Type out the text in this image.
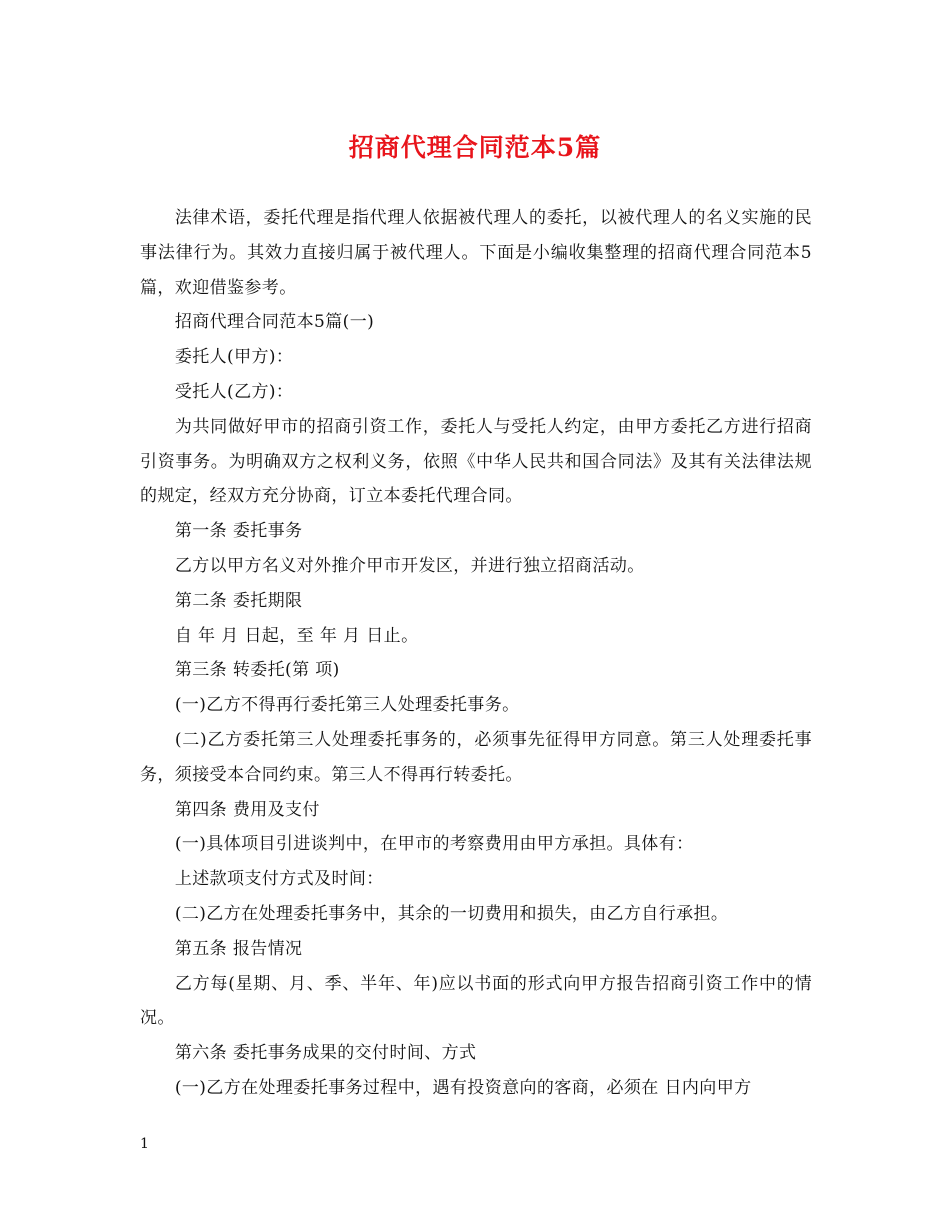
招商代理合同范本5篇

法律术语，委托代理是指代理人依据被代理人的委托，以被代理人的名义实施的民事法律行为。其效力直接归属于被代理人。下面是小编收集整理的招商代理合同范本5篇，欢迎借鉴参考。

招商代理合同范本5篇(一)

委托人(甲方)：

受托人(乙方)：

为共同做好甲市的招商引资工作，委托人与受托人约定，由甲方委托乙方进行招商引资事务。为明确双方之权利义务，依照《中华人民共和国合同法》及其有关法律法规的规定，经双方充分协商，订立本委托代理合同。

第一条 委托事务

乙方以甲方名义对外推介甲市开发区，并进行独立招商活动。

第二条 委托期限

自 年 月 日起，至 年 月 日止。

第三条 转委托(第 项)

(一)乙方不得再行委托第三人处理委托事务。

(二)乙方委托第三人处理委托事务的，必须事先征得甲方同意。第三人处理委托事务，须接受本合同约束。第三人不得再行转委托。

第四条 费用及支付

(一)具体项目引进谈判中，在甲市的考察费用由甲方承担。具体有：

上述款项支付方式及时间：

(二)乙方在处理委托事务中，其余的一切费用和损失，由乙方自行承担。

第五条 报告情况

乙方每(星期、月、季、半年、年)应以书面的形式向甲方报告招商引资工作中的情况。

第六条 委托事务成果的交付时间、方式

(一)乙方在处理委托事务过程中，遇有投资意向的客商，必须在 日内向甲方

1
